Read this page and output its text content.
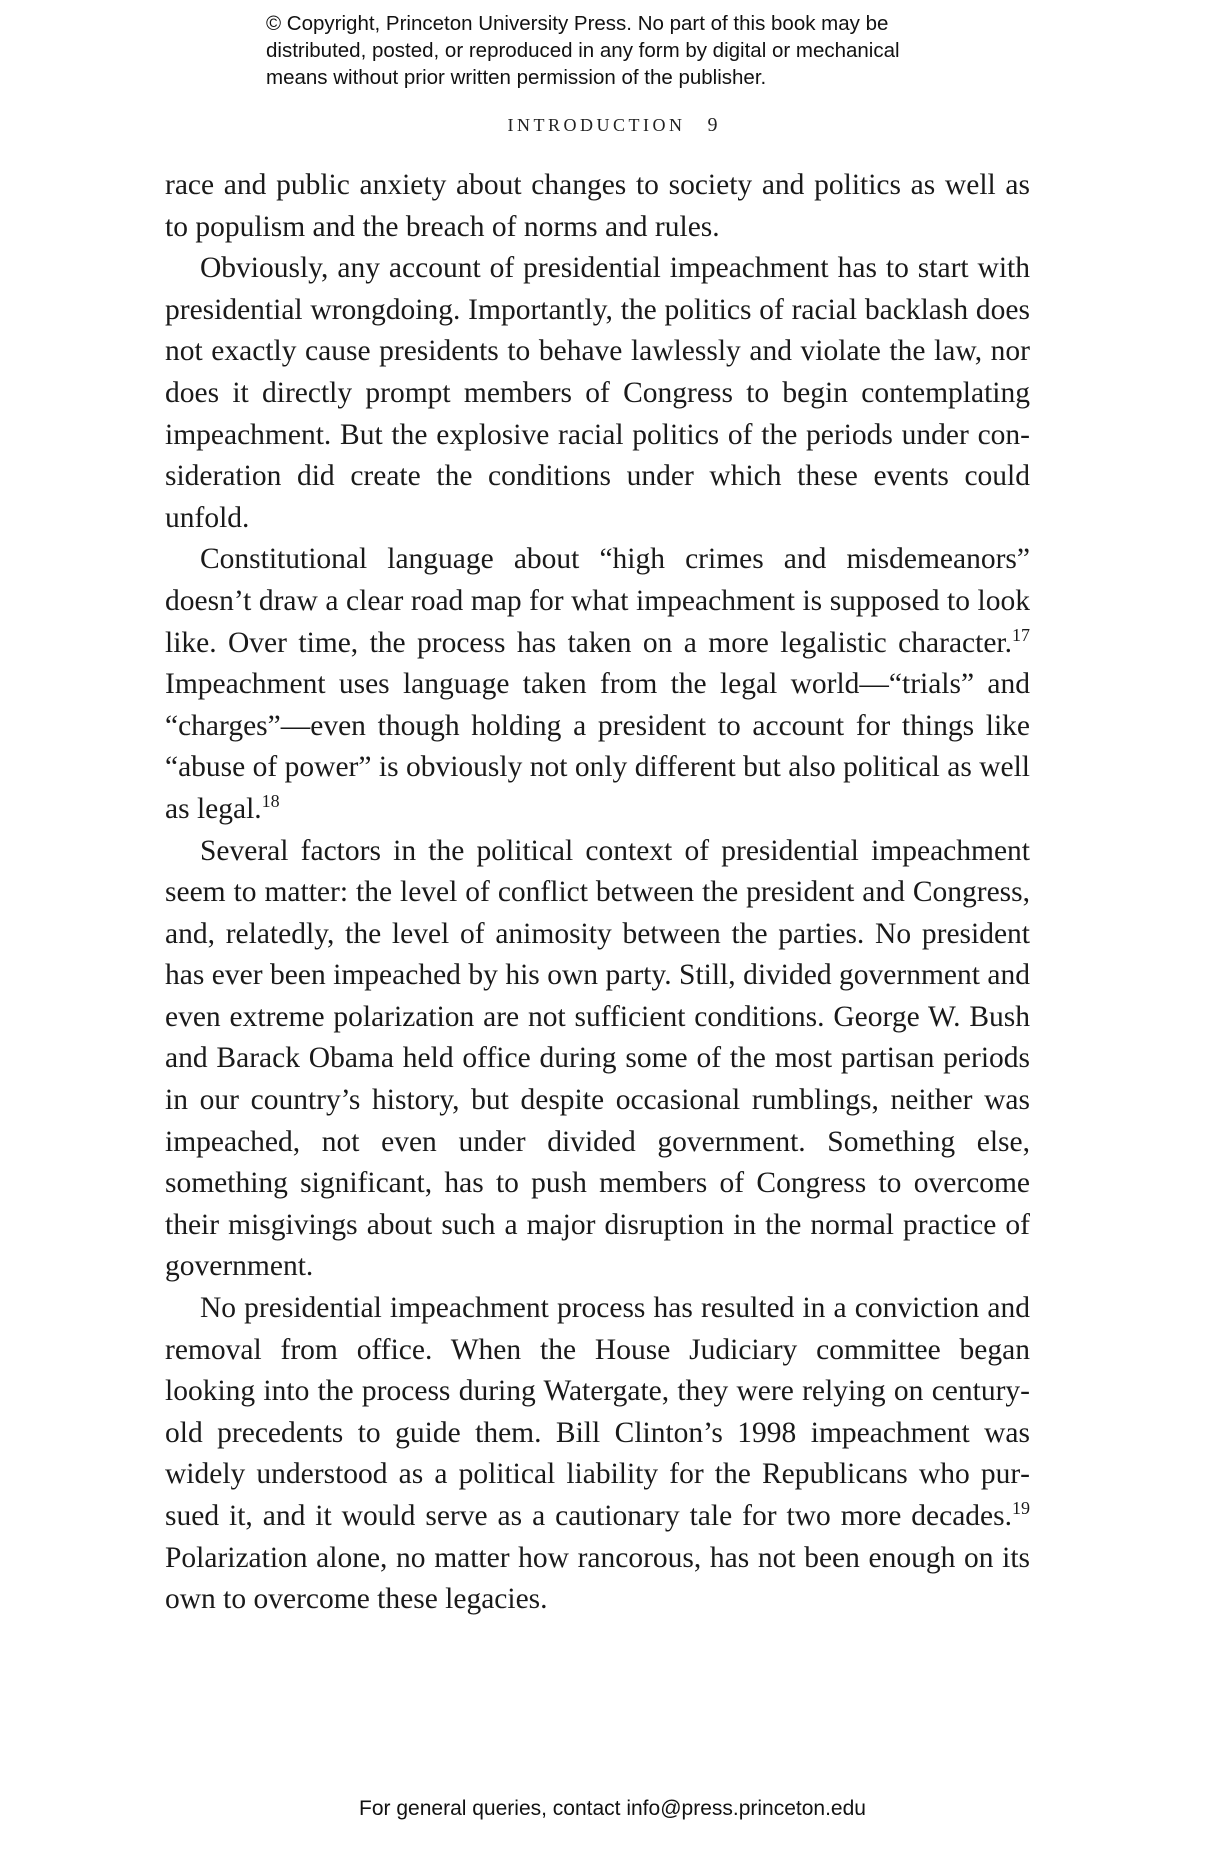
© Copyright, Princeton University Press. No part of this book may be
distributed, posted, or reproduced in any form by digital or mechanical
means without prior written permission of the publisher.
INTRODUCTION 9

race and public anxiety about changes to society and politics as well as to populism and the breach of norms and rules.

Obviously, any account of presidential impeachment has to start with presidential wrongdoing. Importantly, the politics of racial backlash does not exactly cause presidents to behave lawlessly and violate the law, nor does it directly prompt members of Congress to begin contemplating impeachment. But the explosive racial politics of the periods under consideration did create the conditions under which these events could unfold.

Constitutional language about “high crimes and misdemeanors” doesn’t draw a clear road map for what impeachment is supposed to look like. Over time, the process has taken on a more legalistic character.$^{17}$ Impeachment uses language taken from the legal world—“trials” and “charges”—even though holding a president to account for things like “abuse of power” is obviously not only different but also political as well as legal.$^{18}$

Several factors in the political context of presidential impeachment seem to matter: the level of conflict between the president and Congress, and, relatedly, the level of animosity between the parties. No president has ever been impeached by his own party. Still, divided government and even extreme polarization are not sufficient conditions. George W. Bush and Barack Obama held office during some of the most partisan periods in our country’s history, but despite occasional rumblings, neither was impeached, not even under divided government. Something else, something significant, has to push members of Congress to overcome their misgivings about such a major disruption in the normal practice of government.

No presidential impeachment process has resulted in a conviction and removal from office. When the House Judiciary committee began looking into the process during Watergate, they were relying on century-old precedents to guide them. Bill Clinton’s 1998 impeachment was widely understood as a political liability for the Republicans who pursued it, and it would serve as a cautionary tale for two more decades.$^{19}$ Polarization alone, no matter how rancorous, has not been enough on its own to overcome these legacies.

For general queries, contact info@press.princeton.edu
